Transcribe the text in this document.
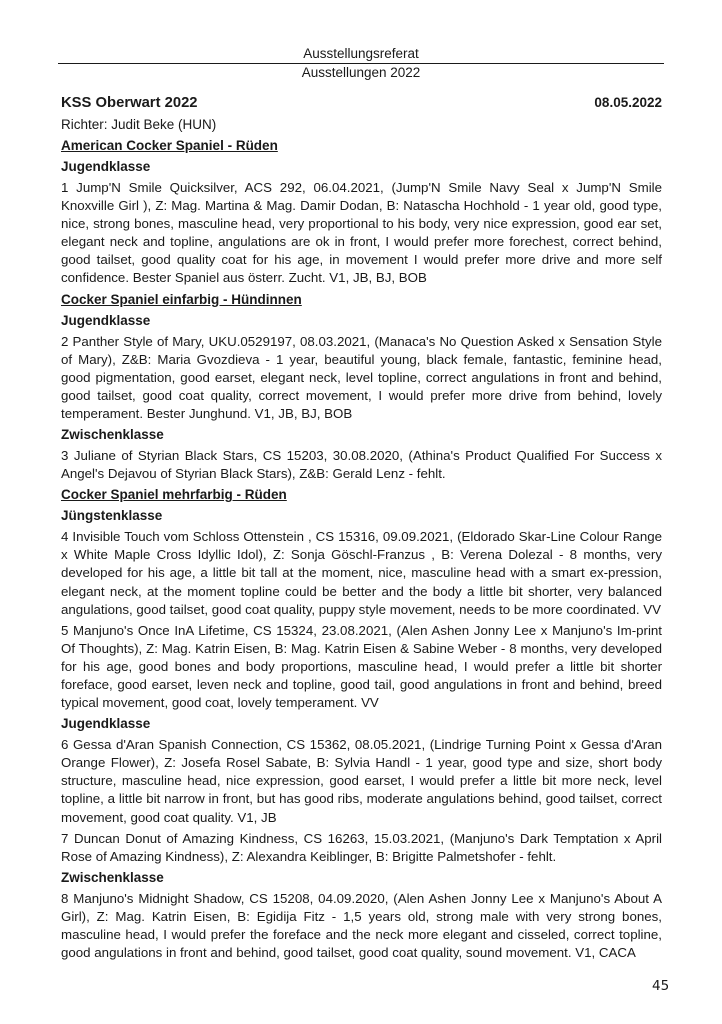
Ausstellungsreferat
Ausstellungen 2022
KSS Oberwart 2022	08.05.2022
Richter: Judit Beke (HUN)
American Cocker Spaniel - Rüden
Jugendklasse

1 Jump'N Smile Quicksilver, ACS 292, 06.04.2021, (Jump'N Smile Navy Seal x Jump'N Smile Knoxville Girl ), Z: Mag. Martina & Mag. Damir Dodan, B: Natascha Hochhold - 1 year old, good type, nice, strong bones, masculine head, very proportional to his body, very nice expression, good ear set, elegant neck and topline, angulations are ok in front, I would prefer more forechest, correct behind, good tailset, good quality coat for his age, in movement I would prefer more drive and more self confidence. Bester Spaniel aus österr. Zucht. V1, JB, BJ, BOB

Cocker Spaniel einfarbig - Hündinnen
Jugendklasse

2 Panther Style of Mary, UKU.0529197, 08.03.2021, (Manaca's No Question Asked x Sensation Style of Mary), Z&B: Maria Gvozdieva - 1 year, beautiful young, black female, fantastic, feminine head, good pigmentation, good earset, elegant neck, level topline, correct angulations in front and behind, good tailset, good coat quality, correct movement, I would prefer more drive from behind, lovely temperament. Bester Junghund. V1, JB, BJ, BOB

Zwischenklasse

3 Juliane of Styrian Black Stars, CS 15203, 30.08.2020, (Athina's Product Qualified For Success x Angel's Dejavou of Styrian Black Stars), Z&B: Gerald Lenz - fehlt.

Cocker Spaniel mehrfarbig - Rüden
Jüngstenklasse

4 Invisible Touch vom Schloss Ottenstein , CS 15316, 09.09.2021, (Eldorado Skar-Line Colour Range x White Maple Cross Idyllic Idol), Z: Sonja Göschl-Franzus , B: Verena Dolezal - 8 months, very developed for his age, a little bit tall at the moment, nice, masculine head with a smart ex-pression, elegant neck, at the moment topline could be better and the body a little bit shorter, very balanced angulations, good tailset, good coat quality, puppy style movement, needs to be more coordinated. VV

5 Manjuno's Once InA Lifetime, CS 15324, 23.08.2021, (Alen Ashen Jonny Lee x Manjuno's Im-print Of Thoughts), Z: Mag. Katrin Eisen, B: Mag. Katrin Eisen & Sabine Weber - 8 months, very developed for his age, good bones and body proportions, masculine head, I would prefer a little bit shorter foreface, good earset, leven neck and topline, good tail, good angulations in front and behind, breed typical movement, good coat, lovely temperament. VV

Jugendklasse

6 Gessa d'Aran Spanish Connection, CS 15362, 08.05.2021, (Lindrige Turning Point x Gessa d'Aran Orange Flower), Z: Josefa Rosel Sabate, B: Sylvia Handl - 1 year, good type and size, short body structure, masculine head, nice expression, good earset, I would prefer a little bit more neck, level topline, a little bit narrow in front, but has good ribs, moderate angulations behind, good tailset, correct movement, good coat quality. V1, JB

7 Duncan Donut of Amazing Kindness, CS 16263, 15.03.2021, (Manjuno's Dark Temptation x April Rose of Amazing Kindness), Z: Alexandra Keiblinger, B: Brigitte Palmetshofer - fehlt.

Zwischenklasse

8 Manjuno's Midnight Shadow, CS 15208, 04.09.2020, (Alen Ashen Jonny Lee x Manjuno's About A Girl), Z: Mag. Katrin Eisen, B: Egidija Fitz - 1,5 years old, strong male with very strong bones, masculine head, I would prefer the foreface and the neck more elegant and cisseled, correct topline, good angulations in front and behind, good tailset, good coat quality, sound movement. V1, CACA

45
